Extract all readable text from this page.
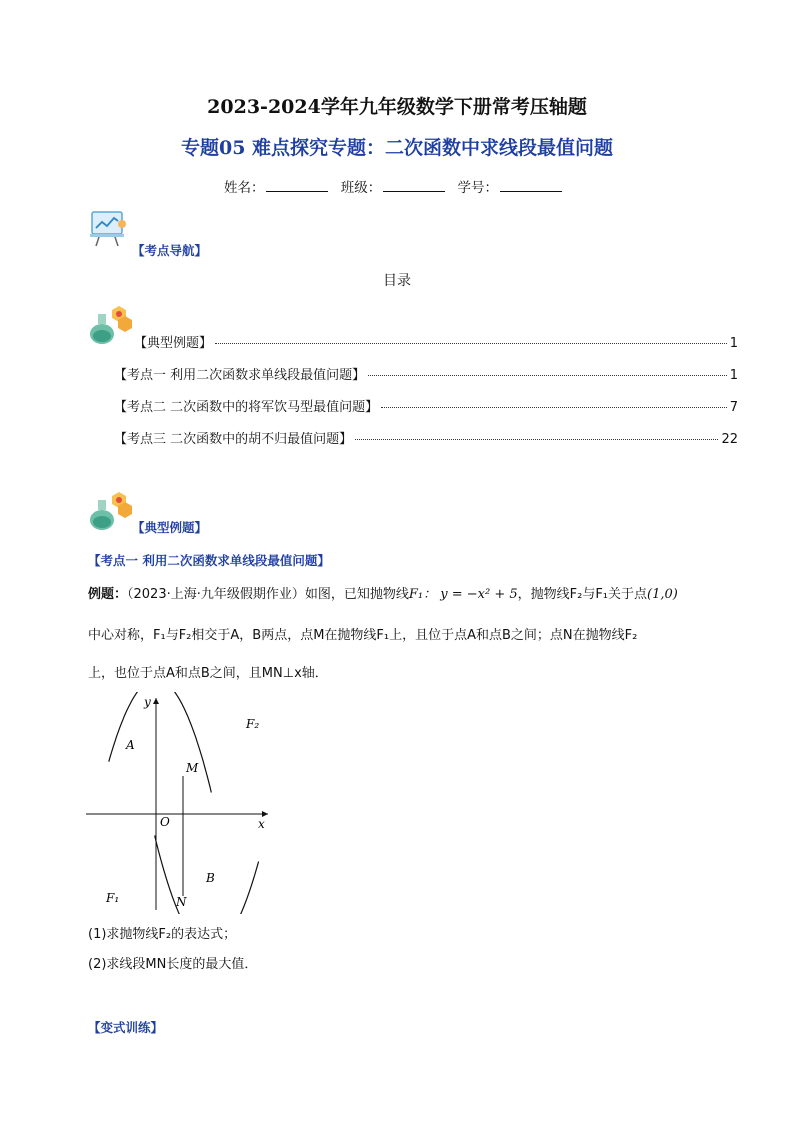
2023-2024学年九年级数学下册常考压轴题
专题05 难点探究专题：二次函数中求线段最值问题
姓名：	班级：	学号：
【考点导航】
目录
【典型例题】	1
【考点一 利用二次函数求单线段最值问题】	1
【考点二 二次函数中的将军饮马型最值问题】	7
【考点三 二次函数中的胡不归最值问题】	22
【典型例题】
【考点一 利用二次函数求单线段最值问题】
例题：（2023·上海·九年级假期作业）如图，已知抛物线F₁： y = −x² + 5，抛物线F₂与F₁关于点(1,0)
中心对称，F₁与F₂相交于A，B两点，点M在抛物线F₁上，且位于点A和点B之间；点N在抛物线F₂
上，也位于点A和点B之间，且MN⊥x轴．
y
x
O
A
B
M
N
F₁
F₂
(1)求抛物线F₂的表达式；
(2)求线段MN长度的最大值．
【变式训练】
